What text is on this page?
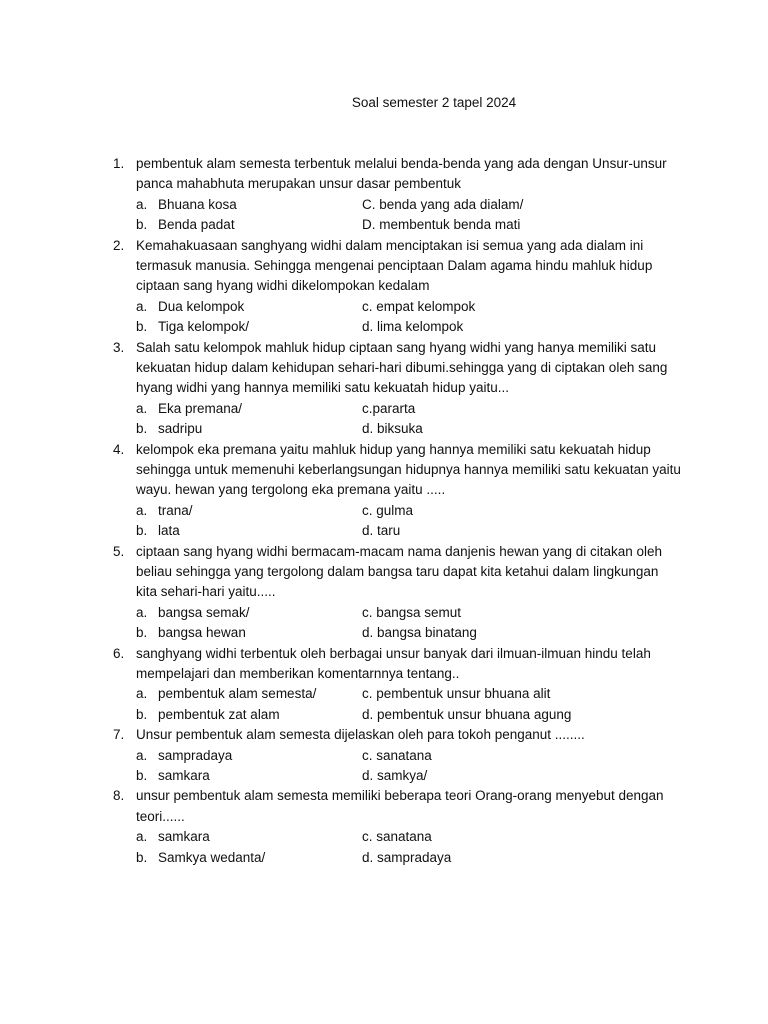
Soal semester 2 tapel 2024
1. pembentuk alam semesta terbentuk melalui benda-benda yang ada dengan Unsur-unsur panca mahabhuta merupakan unsur dasar pembentuk
a. Bhuana kosa	C. benda yang ada dialam/
b. Benda padat	D. membentuk benda mati
2. Kemahakuasaan sanghyang widhi dalam menciptakan isi semua yang ada dialam ini termasuk manusia. Sehingga mengenai penciptaan Dalam agama hindu mahluk hidup ciptaan sang hyang widhi dikelompokan kedalam
a. Dua kelompok	c. empat kelompok
b. Tiga kelompok/	d. lima kelompok
3. Salah satu kelompok mahluk hidup ciptaan sang hyang widhi yang hanya memiliki satu kekuatan hidup dalam kehidupan sehari-hari dibumi.sehingga yang di ciptakan oleh sang hyang widhi yang hannya memiliki satu kekuatah hidup yaitu...
a. Eka premana/	c.pararta
b. sadripu	d. biksuka
4. kelompok eka premana yaitu mahluk hidup yang hannya memiliki satu kekuatah hidup sehingga untuk memenuhi keberlangsungan hidupnya hannya memiliki satu kekuatan yaitu wayu. hewan yang tergolong eka premana yaitu .....
a. trana/	c. gulma
b. lata	d. taru
5. ciptaan sang hyang widhi bermacam-macam nama danjenis hewan yang di citakan oleh beliau sehingga yang tergolong dalam bangsa taru dapat kita ketahui dalam lingkungan kita sehari-hari yaitu.....
a. bangsa semak/	c. bangsa semut
b. bangsa hewan	d. bangsa binatang
6. sanghyang widhi terbentuk oleh berbagai unsur banyak dari ilmuan-ilmuan hindu telah mempelajari dan memberikan komentarnnya tentang..
a. pembentuk alam semesta/	c. pembentuk unsur bhuana alit
b. pembentuk zat alam	d. pembentuk unsur bhuana agung
7. Unsur pembentuk alam semesta dijelaskan oleh para tokoh penganut ........
a. sampradaya	c. sanatana
b. samkara	d. samkya/
8. unsur pembentuk alam semesta memiliki beberapa teori Orang-orang menyebut dengan teori......
a. samkara	c. sanatana
b. Samkya wedanta/	d. sampradaya
